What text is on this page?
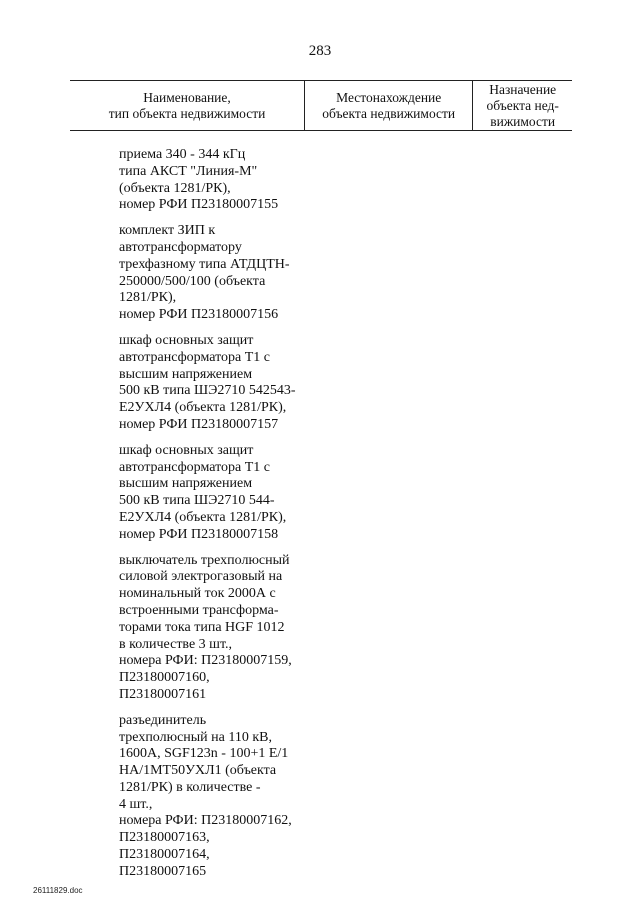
283
Наименование,
тип объекта недвижимости
Местонахождение
объекта недвижимости
Назначение
объекта нед-
вижимости
приема 340 - 344 кГц
типа АКСТ "Линия-М"
(объекта 1281/РК),
номер РФИ П23180007155
комплект ЗИП к
автотрансформатору
трехфазному типа АТДЦТН-
250000/500/100 (объекта
1281/РК),
номер РФИ П23180007156
шкаф основных защит
автотрансформатора Т1 с
высшим напряжением
500 кВ типа ШЭ2710 542543-
Е2УХЛ4 (объекта 1281/РК),
номер РФИ П23180007157
шкаф основных защит
автотрансформатора Т1 с
высшим напряжением
500 кВ типа ШЭ2710 544-
Е2УХЛ4 (объекта 1281/РК),
номер РФИ П23180007158
выключатель трехполюсный
силовой электрогазовый на
номинальный ток 2000А с
встроенными трансформа-
торами тока типа HGF 1012
в количестве 3 шт.,
номера РФИ: П23180007159,
П23180007160,
П23180007161
разъединитель
трехполюсный на 110 кВ,
1600А, SGF123n - 100+1 E/1
НА/1МТ50УХЛ1 (объекта
1281/РК) в количестве -
4 шт.,
номера РФИ: П23180007162,
П23180007163,
П23180007164,
П23180007165
26111829.doc
